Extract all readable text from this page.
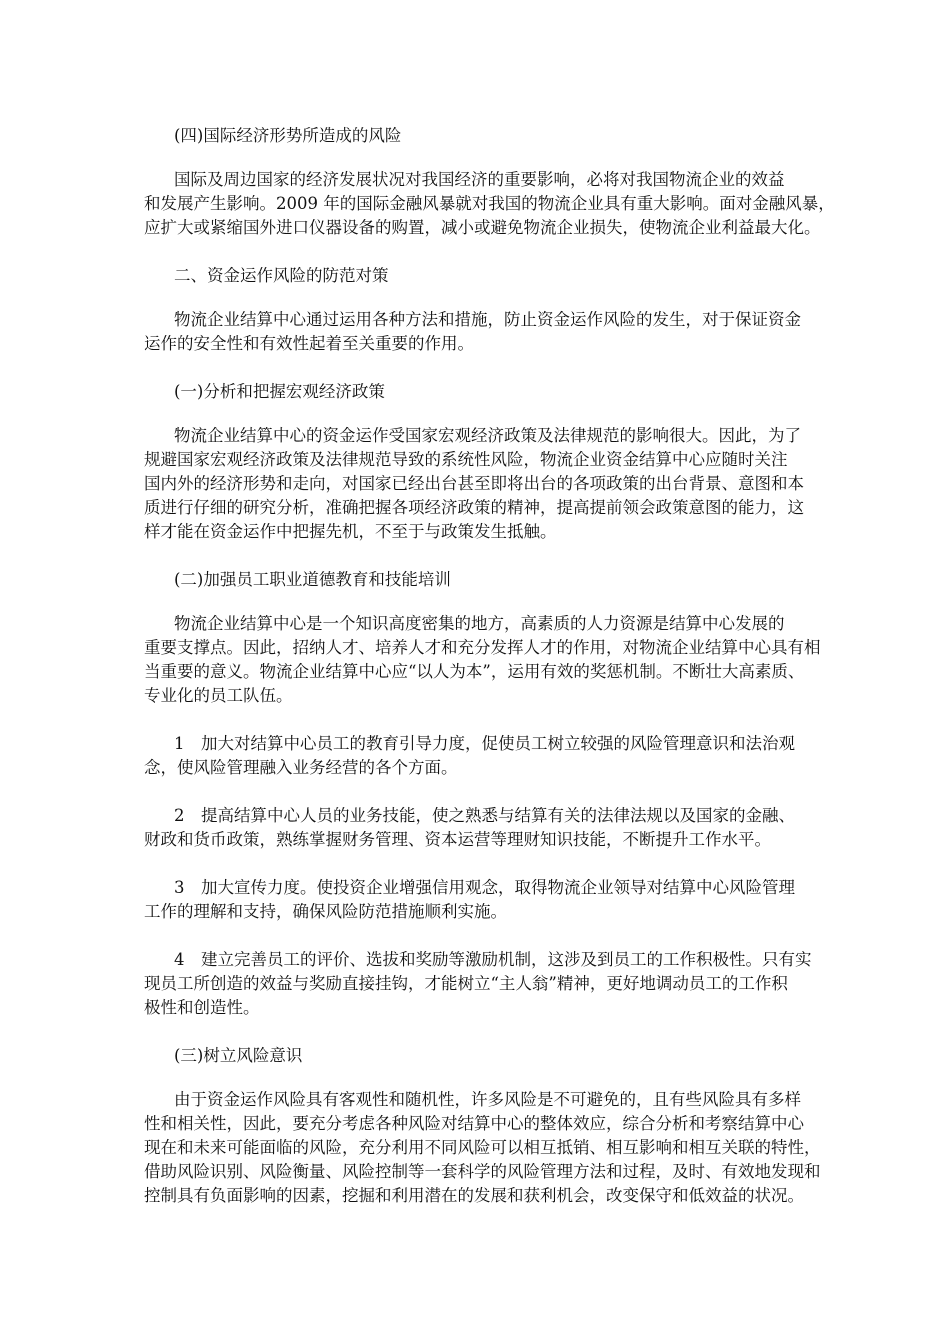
(四)国际经济形势所造成的风险
国际及周边国家的经济发展状况对我国经济的重要影响，必将对我国物流企业的效益
和发展产生影响。2009 年的国际金融风暴就对我国的物流企业具有重大影响。面对金融风暴，
应扩大或紧缩国外进口仪器设备的购置，减小或避免物流企业损失，使物流企业利益最大化。
二、资金运作风险的防范对策
物流企业结算中心通过运用各种方法和措施，防止资金运作风险的发生，对于保证资金
运作的安全性和有效性起着至关重要的作用。
(一)分析和把握宏观经济政策
物流企业结算中心的资金运作受国家宏观经济政策及法律规范的影响很大。因此，为了
规避国家宏观经济政策及法律规范导致的系统性风险，物流企业资金结算中心应随时关注
国内外的经济形势和走向，对国家已经出台甚至即将出台的各项政策的出台背景、意图和本
质进行仔细的研究分析，准确把握各项经济政策的精神，提高提前领会政策意图的能力，这
样才能在资金运作中把握先机，不至于与政策发生抵触。
(二)加强员工职业道德教育和技能培训
物流企业结算中心是一个知识高度密集的地方，高素质的人力资源是结算中心发展的
重要支撑点。因此，招纳人才、培养人才和充分发挥人才的作用，对物流企业结算中心具有相
当重要的意义。物流企业结算中心应“以人为本”，运用有效的奖惩机制。不断壮大高素质、
专业化的员工队伍。
1　加大对结算中心员工的教育引导力度，促使员工树立较强的风险管理意识和法治观
念，使风险管理融入业务经营的各个方面。
2　提高结算中心人员的业务技能，使之熟悉与结算有关的法律法规以及国家的金融、
财政和货币政策，熟练掌握财务管理、资本运营等理财知识技能，不断提升工作水平。
3　加大宣传力度。使投资企业增强信用观念，取得物流企业领导对结算中心风险管理
工作的理解和支持，确保风险防范措施顺利实施。
4　建立完善员工的评价、选拔和奖励等激励机制，这涉及到员工的工作积极性。只有实
现员工所创造的效益与奖励直接挂钩，才能树立“主人翁”精神，更好地调动员工的工作积
极性和创造性。
(三)树立风险意识
由于资金运作风险具有客观性和随机性，许多风险是不可避免的，且有些风险具有多样
性和相关性，因此，要充分考虑各种风险对结算中心的整体效应，综合分析和考察结算中心
现在和未来可能面临的风险，充分利用不同风险可以相互抵销、相互影响和相互关联的特性，
借助风险识别、风险衡量、风险控制等一套科学的风险管理方法和过程，及时、有效地发现和
控制具有负面影响的因素，挖掘和利用潜在的发展和获利机会，改变保守和低效益的状况。
